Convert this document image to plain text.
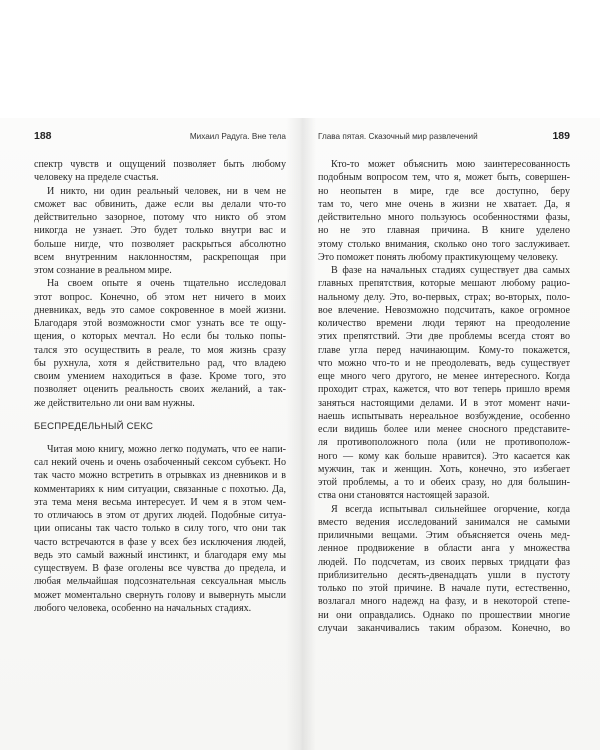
188	Михаил Радуга. Вне тела
спектр чувств и ощущений позволяет быть любому
человеку на пределе счастья.
И никто, ни один реальный человек, ни в чем не
сможет вас обвинить, даже если вы делали что-то
действительно зазорное, потому что никто об этом
никогда не узнает. Это будет только внутри вас и
больше нигде, что позволяет раскрыться абсолютно
всем внутренним наклонностям, раскрепощая при
этом сознание в реальном мире.
На своем опыте я очень тщательно исследовал
этот вопрос. Конечно, об этом нет ничего в моих
дневниках, ведь это самое сокровенное в моей жизни.
Благодаря этой возможности смог узнать все те ощу-
щения, о которых мечтал. Но если бы только попы-
тался это осуществить в реале, то моя жизнь сразу
бы рухнула, хотя я действительно рад, что владею
своим умением находиться в фазе. Кроме того, это
позволяет оценить реальность своих желаний, а так-
же действительно ли они вам нужны.
БЕСПРЕДЕЛЬНЫЙ СЕКС
Читая мою книгу, можно легко подумать, что ее напи-
сал некий очень и очень озабоченный сексом субъект. Но
так часто можно встретить в отрывках из дневников и в
комментариях к ним ситуации, связанные с похотью. Да,
эта тема меня весьма интересует. И чем я в этом чем-
то отличаюсь в этом от других людей. Подобные ситуа-
ции описаны так часто только в силу того, что они так
часто встречаются в фазе у всех без исключения людей,
ведь это самый важный инстинкт, и благодаря ему мы
существуем. В фазе оголены все чувства до предела, и
любая мельчайшая подсознательная сексуальная мысль
может моментально свернуть голову и вывернуть мысли
любого человека, особенно на начальных стадиях.
Глава пятая. Сказочный мир развлечений	189
Кто-то может объяснить мою заинтересованность
подобным вопросом тем, что я, может быть, совершен-
но неопытен в мире, где все доступно, беру
там то, чего мне очень в жизни не хватает. Да, я
действительно много пользуюсь особенностями фазы,
но не это главная причина. В книге уделено
этому столько внимания, сколько оно того заслуживает.
Это поможет понять любому практикующему человеку.
В фазе на начальных стадиях существует два самых
главных препятствия, которые мешают любому рацио-
нальному делу. Это, во-первых, страх; во-вторых, поло-
вое влечение. Невозможно подсчитать, какое огромное
количество времени люди теряют на преодоление
этих препятствий. Эти две проблемы всегда стоят во
главе угла перед начинающим. Кому-то покажется,
что можно что-то и не преодолевать, ведь существует
еще много чего другого, не менее интересного. Когда
проходит страх, кажется, что вот теперь пришло время
заняться настоящими делами. И в этот момент начи-
наешь испытывать нереальное возбуждение, особенно
если видишь более или менее сносного представите-
ля противоположного пола (или не противополож-
ного — кому как больше нравится). Это касается как
мужчин, так и женщин. Хоть, конечно, это избегает
этой проблемы, а то и обеих сразу, но для большин-
ства они становятся настоящей заразой.
Я всегда испытывал сильнейшее огорчение, когда
вместо ведения исследований занимался не самыми
приличными вещами. Этим объясняется очень мед-
ленное продвижение в области анга у множества
людей. По подсчетам, из своих первых тридцати фаз
приблизительно десять-двенадцать ушли в пустоту
только по этой причине. В начале пути, естественно,
возлагал много надежд на фазу, и в некоторой степе-
ни они оправдались. Однако по прошествии многие
случаи заканчивались таким образом. Конечно, во
